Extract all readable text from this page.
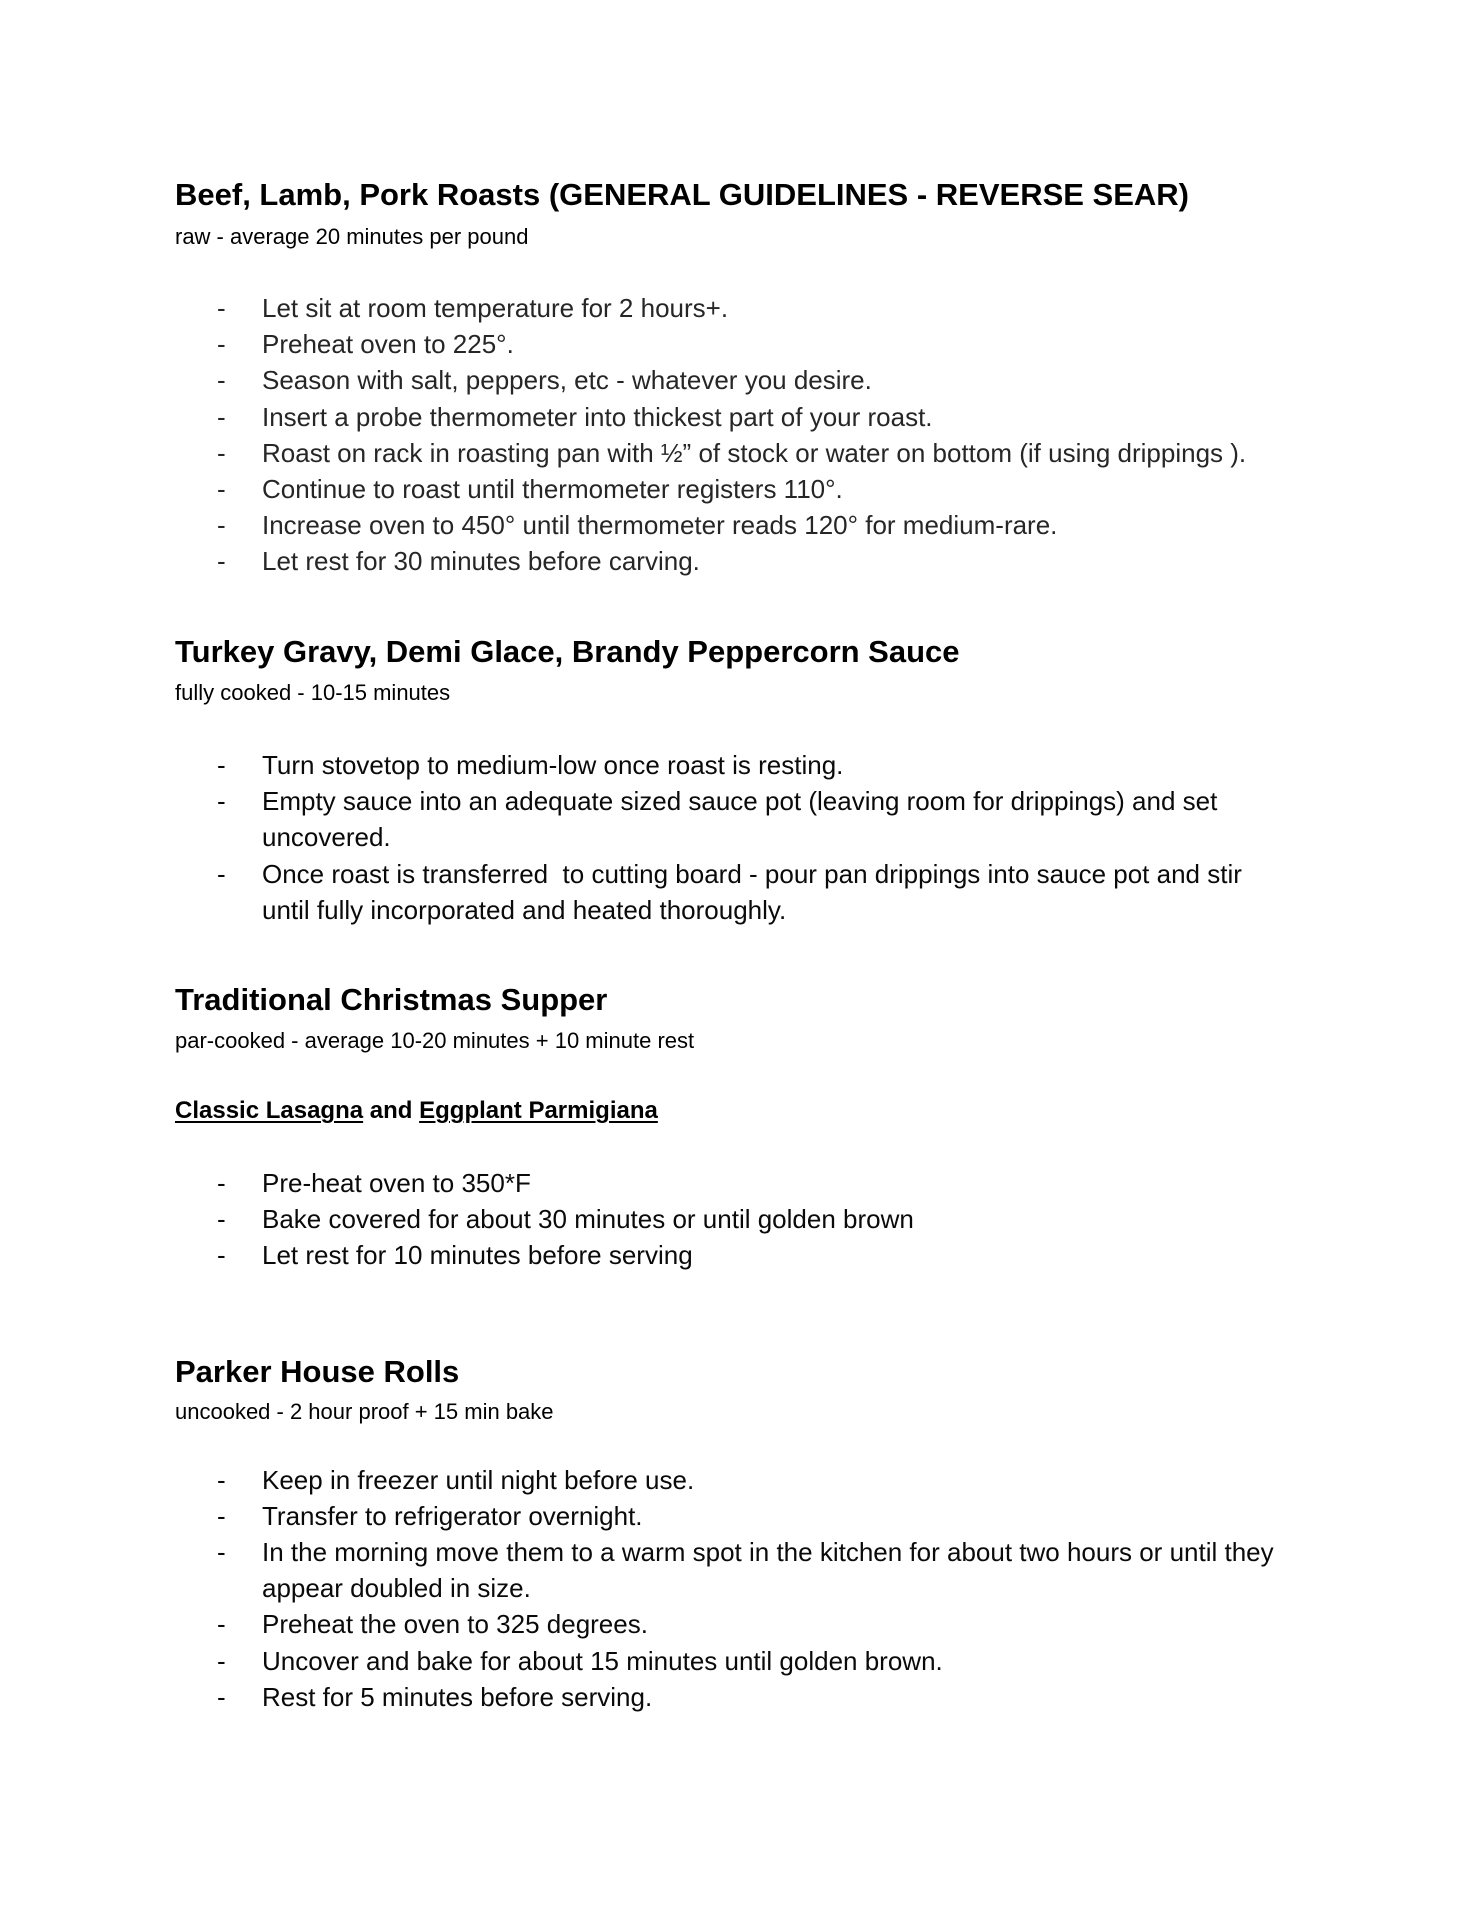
Beef, Lamb, Pork Roasts (GENERAL GUIDELINES - REVERSE SEAR)
raw - average 20 minutes per pound
- Let sit at room temperature for 2 hours+.
- Preheat oven to 225°.
- Season with salt, peppers, etc - whatever you desire.
- Insert a probe thermometer into thickest part of your roast.
- Roast on rack in roasting pan with ½” of stock or water on bottom (if using drippings ).
- Continue to roast until thermometer registers 110°.
- Increase oven to 450° until thermometer reads 120° for medium-rare.
- Let rest for 30 minutes before carving.
Turkey Gravy, Demi Glace, Brandy Peppercorn Sauce
fully cooked - 10-15 minutes
- Turn stovetop to medium-low once roast is resting.
- Empty sauce into an adequate sized sauce pot (leaving room for drippings) and set
uncovered.
- Once roast is transferred  to cutting board - pour pan drippings into sauce pot and stir
until fully incorporated and heated thoroughly.
Traditional Christmas Supper
par-cooked - average 10-20 minutes + 10 minute rest
Classic Lasagna and Eggplant Parmigiana
- Pre-heat oven to 350*F
- Bake covered for about 30 minutes or until golden brown
- Let rest for 10 minutes before serving
Parker House Rolls
uncooked - 2 hour proof + 15 min bake
- Keep in freezer until night before use.
- Transfer to refrigerator overnight.
- In the morning move them to a warm spot in the kitchen for about two hours or until they
appear doubled in size.
- Preheat the oven to 325 degrees.
- Uncover and bake for about 15 minutes until golden brown.
- Rest for 5 minutes before serving.
